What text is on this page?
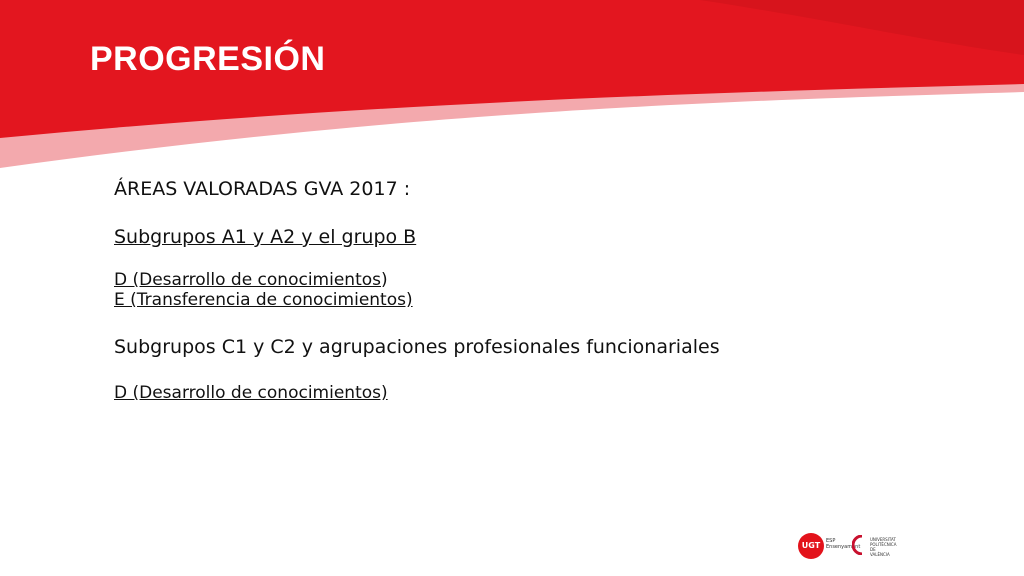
PROGRESIÓN

ÁREAS VALORADAS GVA 2017 :

Subgrupos A1 y A2 y el grupo B

D (Desarrollo de conocimientos)

E (Transferencia de conocimientos)

Subgrupos C1 y C2 y agrupaciones profesionales funcionariales

D (Desarrollo de conocimientos)

UGT	ESP
Ensenyament
UNIVERSITAT
POLITÈCNICA
DE VALÈNCIA
